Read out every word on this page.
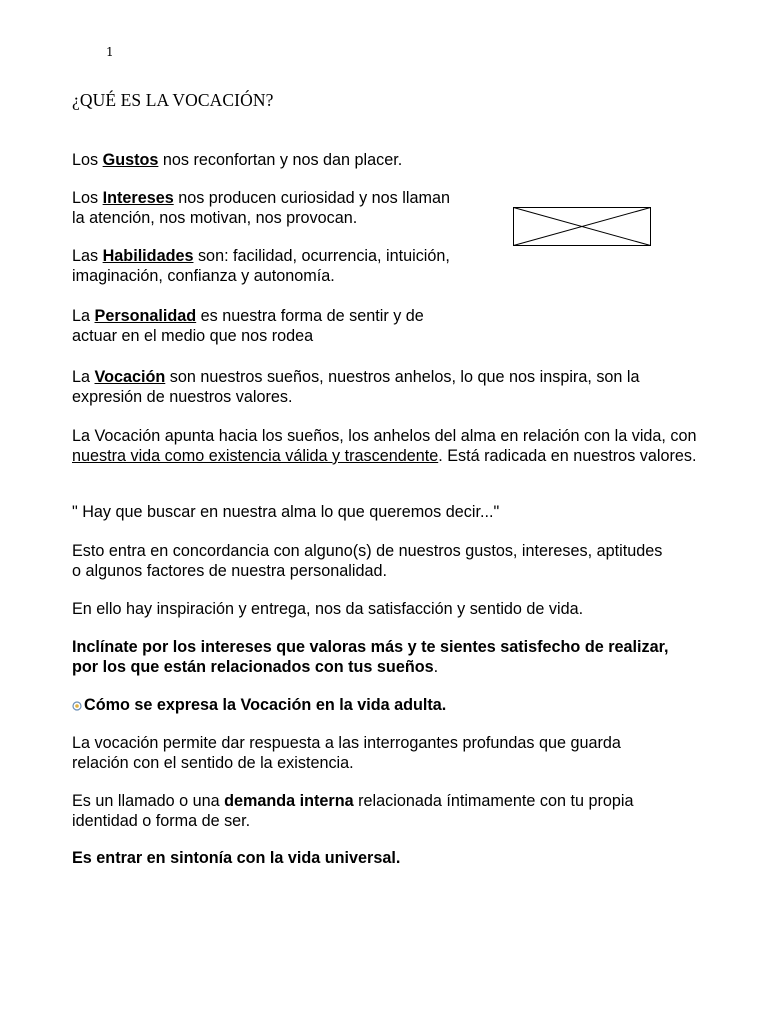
1
¿QUÉ ES LA VOCACIÓN?

Los Gustos nos reconfortan y nos dan placer.

Los Intereses nos producen curiosidad y nos llaman la atención, nos motivan, nos provocan.

Las Habilidades son: facilidad, ocurrencia, intuición, imaginación, confianza y autonomía.

La Personalidad es nuestra forma de sentir y de actuar en el medio que nos rodea

La Vocación son nuestros sueños, nuestros anhelos, lo que nos inspira, son la expresión de nuestros valores.

La Vocación apunta hacia los sueños, los anhelos del alma en relación con la vida, con nuestra vida como existencia válida y trascendente. Está radicada en nuestros valores.

" Hay que buscar en nuestra alma lo que queremos decir..."

Esto entra en concordancia con alguno(s) de nuestros gustos, intereses, aptitudes o algunos factores de nuestra personalidad.

En ello hay inspiración y entrega, nos da satisfacción y sentido de vida.

Inclínate por los intereses que valoras más y te sientes satisfecho de realizar, por los que están relacionados con tus sueños.

Cómo se expresa la Vocación en la vida adulta.

La vocación permite dar respuesta a las interrogantes profundas que guarda relación con el sentido de la existencia.

Es un llamado o una demanda interna relacionada íntimamente con tu propia identidad o forma de ser.

Es entrar en sintonía con la vida universal.
